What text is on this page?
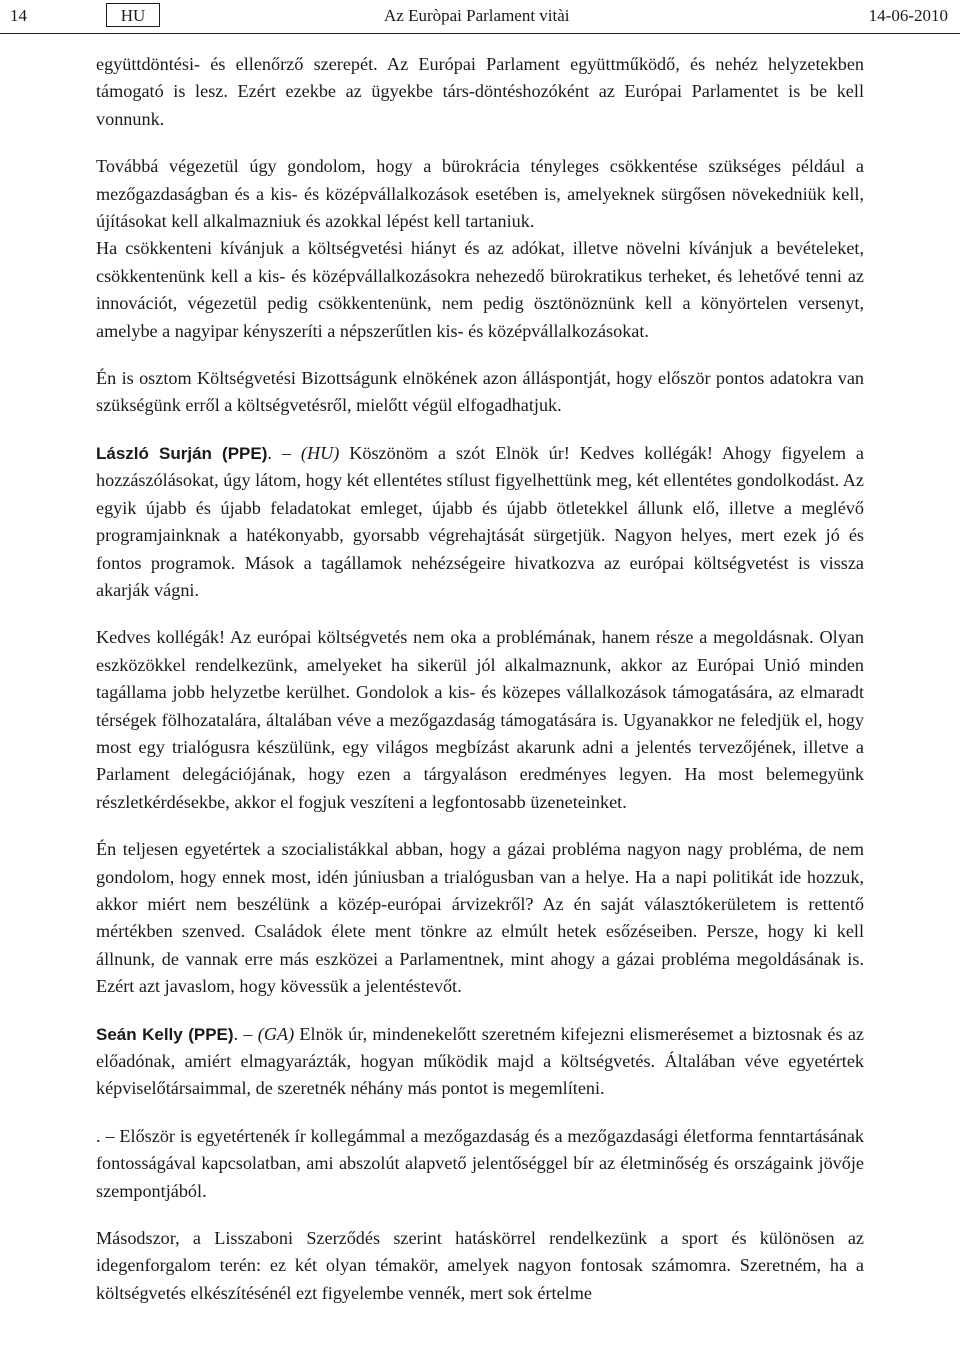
14	HU	Az Euròpai Parlament vitài	14-06-2010

együttdöntési- és ellenőrző szerepét. Az Európai Parlament együttműködő, és nehéz helyzetekben támogató is lesz. Ezért ezekbe az ügyekbe társ-döntéshozóként az Európai Parlamentet is be kell vonnunk.

Továbbá végezetül úgy gondolom, hogy a bürokrácia tényleges csökkentése szükséges például a mezőgazdaságban és a kis- és középvállalkozások esetében is, amelyeknek sürgősen növekedniük kell, újításokat kell alkalmazniuk és azokkal lépést kell tartaniuk.

Ha csökkenteni kívánjuk a költségvetési hiányt és az adókat, illetve növelni kívánjuk a bevételeket, csökkentenünk kell a kis- és középvállalkozásokra nehezedő bürokratikus terheket, és lehetővé tenni az innovációt, végezetül pedig csökkentenünk, nem pedig ösztönöznünk kell a könyörtelen versenyt, amelybe a nagyipar kényszeríti a népszerűtlen kis- és középvállalkozásokat.

Én is osztom Költségvetési Bizottságunk elnökének azon álláspontját, hogy először pontos adatokra van szükségünk erről a költségvetésről, mielőtt végül elfogadhatjuk.

László Surján (PPE). – (HU) Köszönöm a szót Elnök úr! Kedves kollégák! Ahogy figyelem a hozzászólásokat, úgy látom, hogy két ellentétes stílust figyelhettünk meg, két ellentétes gondolkodást. Az egyik újabb és újabb feladatokat emleget, újabb és újabb ötletekkel állunk elő, illetve a meglévő programjainknak a hatékonyabb, gyorsabb végrehajtását sürgetjük. Nagyon helyes, mert ezek jó és fontos programok. Mások a tagállamok nehézségeire hivatkozva az európai költségvetést is vissza akarják vágni.

Kedves kollégák! Az európai költségvetés nem oka a problémának, hanem része a megoldásnak. Olyan eszközökkel rendelkezünk, amelyeket ha sikerül jól alkalmaznunk, akkor az Európai Unió minden tagállama jobb helyzetbe kerülhet. Gondolok a kis- és közepes vállalkozások támogatására, az elmaradt térségek fölhozatalára, általában véve a mezőgazdaság támogatására is. Ugyanakkor ne feledjük el, hogy most egy trialógusra készülünk, egy világos megbízást akarunk adni a jelentés tervezőjének, illetve a Parlament delegációjának, hogy ezen a tárgyaláson eredményes legyen. Ha most belemegyünk részletkérdésekbe, akkor el fogjuk veszíteni a legfontosabb üzeneteinket.

Én teljesen egyetértek a szocialistákkal abban, hogy a gázai probléma nagyon nagy probléma, de nem gondolom, hogy ennek most, idén júniusban a trialógusban van a helye. Ha a napi politikát ide hozzuk, akkor miért nem beszélünk a közép-európai árvizekről? Az én saját választókerületem is rettentő mértékben szenved. Családok élete ment tönkre az elmúlt hetek esőzéseiben. Persze, hogy ki kell állnunk, de vannak erre más eszközei a Parlamentnek, mint ahogy a gázai probléma megoldásának is. Ezért azt javaslom, hogy kövessük a jelentéstevőt.

Seán Kelly (PPE). – (GA) Elnök úr, mindenekelőtt szeretném kifejezni elismerésemet a biztosnak és az előadónak, amiért elmagyarázták, hogyan működik majd a költségvetés. Általában véve egyetértek képviselőtársaimmal, de szeretnék néhány más pontot is megemlíteni.

. – Először is egyetértenék ír kollegámmal a mezőgazdaság és a mezőgazdasági életforma fenntartásának fontosságával kapcsolatban, ami abszolút alapvető jelentőséggel bír az életminőség és országaink jövője szempontjából.

Másodszor, a Lisszaboni Szerződés szerint hatáskörrel rendelkezünk a sport és különösen az idegenforgalom terén: ez két olyan témakör, amelyek nagyon fontosak számomra. Szeretném, ha a költségvetés elkészítésénél ezt figyelembe vennék, mert sok értelme
